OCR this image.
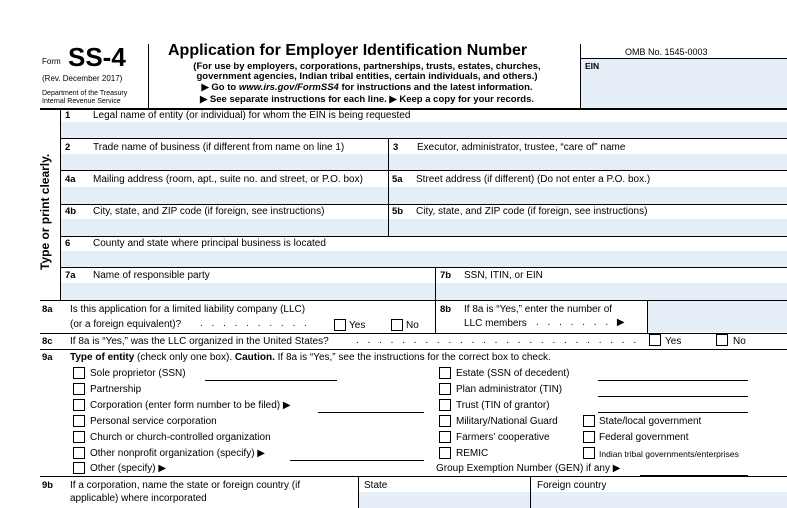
Form SS-4
(Rev. December 2017)
Department of the Treasury
Internal Revenue Service
Application for Employer Identification Number
(For use by employers, corporations, partnerships, trusts, estates, churches,
government agencies, Indian tribal entities, certain individuals, and others.)
▶ Go to www.irs.gov/FormSS4 for instructions and the latest information.
▶ See separate instructions for each line. ▶ Keep a copy for your records.
OMB No. 1545-0003
EIN
Type or print clearly.
1 Legal name of entity (or individual) for whom the EIN is being requested
2 Trade name of business (if different from name on line 1)	3 Executor, administrator, trustee, “care of” name
4a Mailing address (room, apt., suite no. and street, or P.O. box)	5a Street address (if different) (Do not enter a P.O. box.)
4b City, state, and ZIP code (if foreign, see instructions)	5b City, state, and ZIP code (if foreign, see instructions)
6 County and state where principal business is located
7a Name of responsible party	7b SSN, ITIN, or EIN
8a Is this application for a limited liability company (LLC)
(or a foreign equivalent)? . . . . . . . . . .	Yes	No
8b If 8a is “Yes,” enter the number of
LLC members . . . . . . . ▶
8c If 8a is “Yes,” was the LLC organized in the United States?	. . . . . . . . . . . . . . . . . . . . . . . . .	Yes	No
9a Type of entity (check only one box). Caution. If 8a is “Yes,” see the instructions for the correct box to check.
Sole proprietor (SSN)
Partnership
Corporation (enter form number to be filed) ▶
Personal service corporation
Church or church-controlled organization
Other nonprofit organization (specify) ▶
Other (specify) ▶
Estate (SSN of decedent)
Plan administrator (TIN)
Trust (TIN of grantor)
Military/National Guard
Farmers’ cooperative
REMIC
Group Exemption Number (GEN) if any ▶
State/local government
Federal government
Indian tribal governments/enterprises
9b If a corporation, name the state or foreign country (if
applicable) where incorporated
State	Foreign country
